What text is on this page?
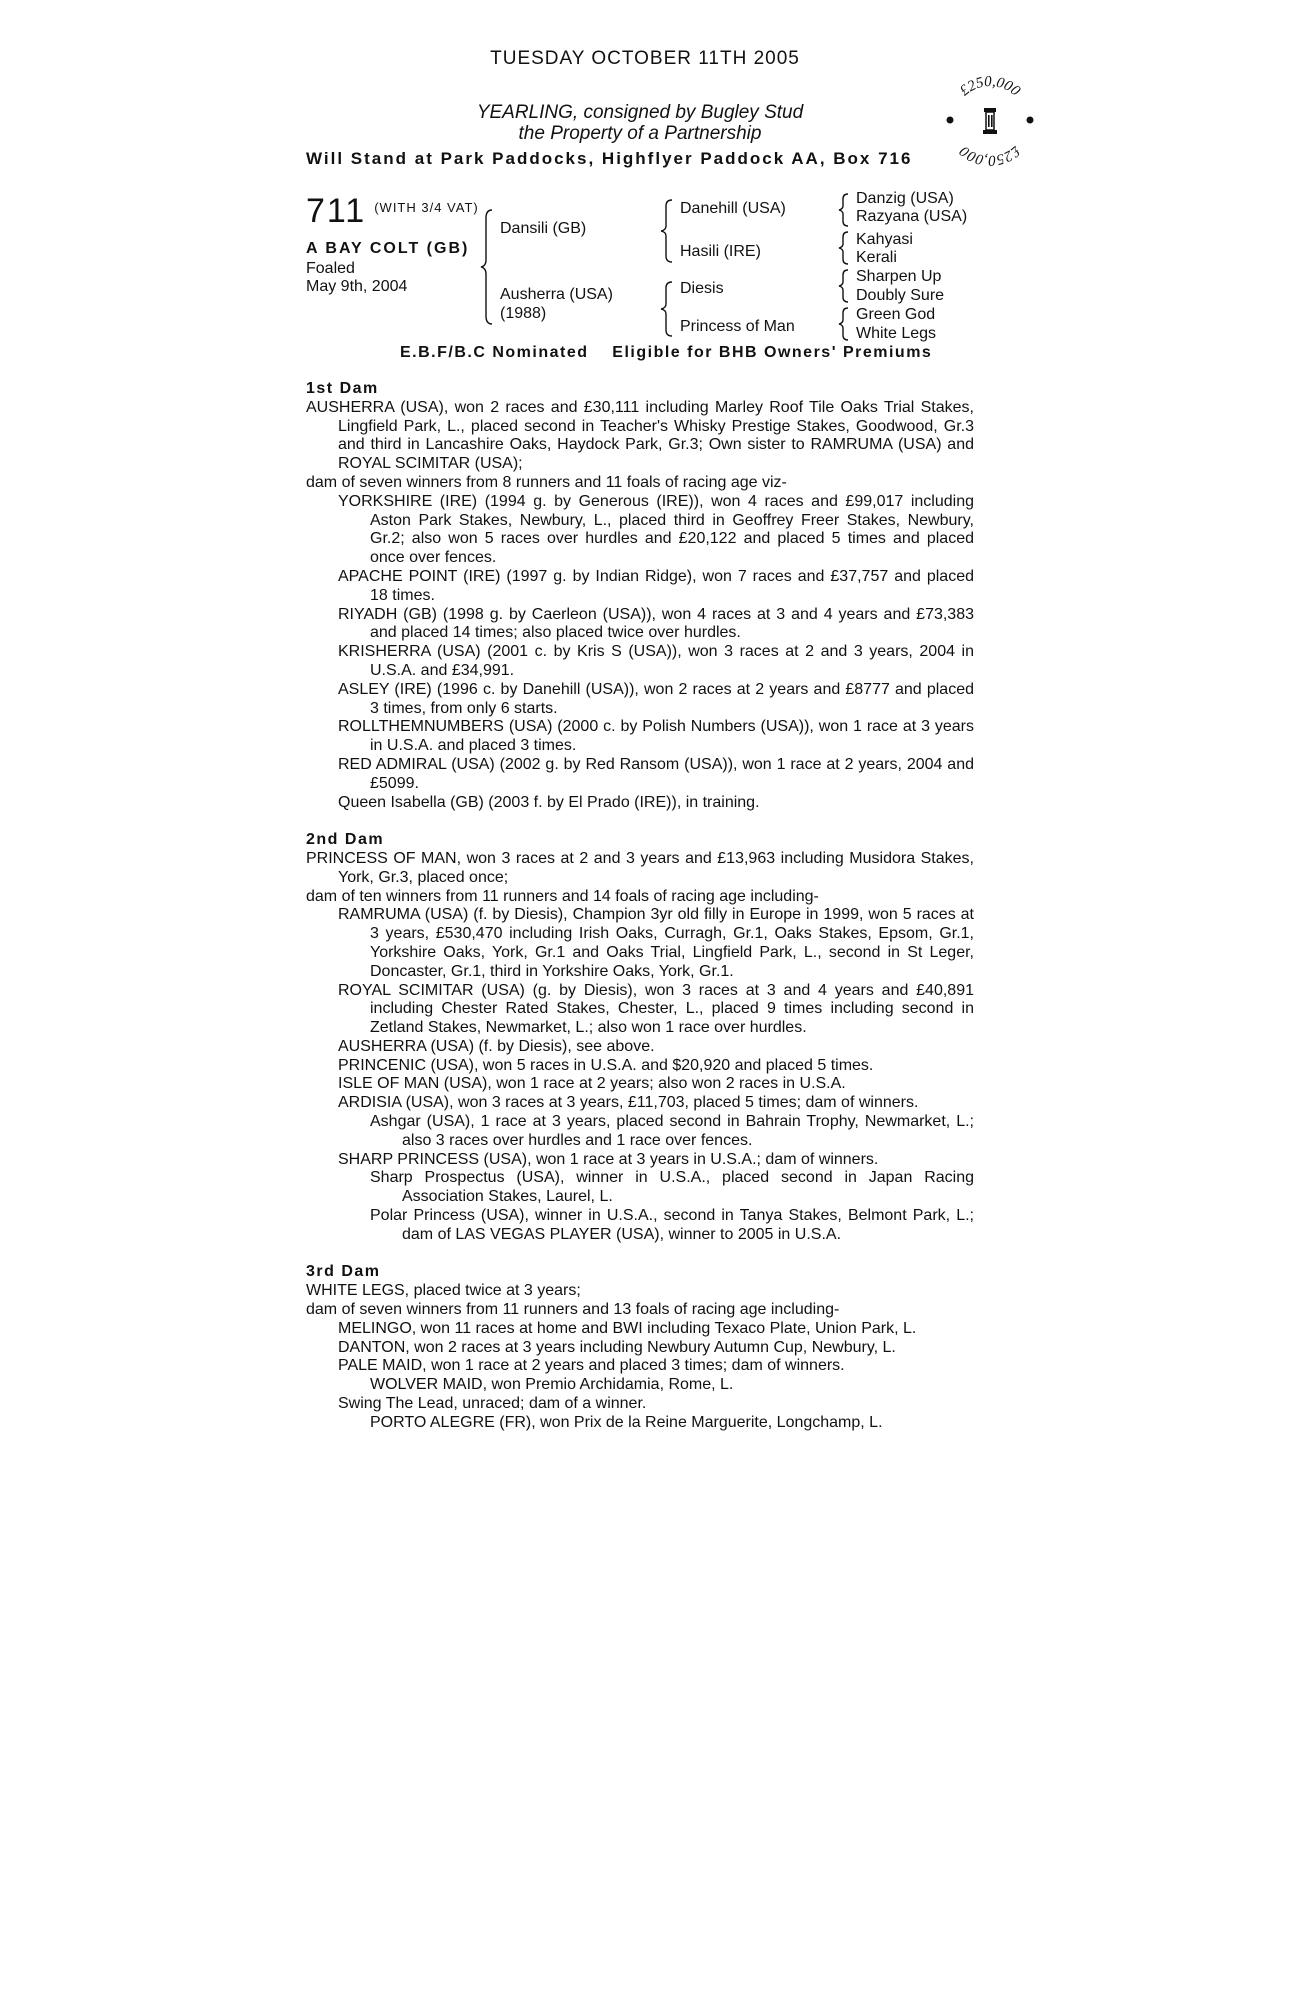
TUESDAY OCTOBER 11TH 2005
YEARLING, consigned by Bugley Stud
the Property of a Partnership
Will Stand at Park Paddocks, Highflyer Paddock AA, Box 716
£250,000
£250,000
711 $^{(WITH 3/4 VAT)}$
A BAY COLT (GB)
Foaled
May 9th, 2004
Dansili (GB)
Ausherra (USA)
(1988)
Danehill (USA)
Hasili (IRE)
Diesis
Princess of Man
Danzig (USA)
Razyana (USA)
Kahyasi
Kerali
Sharpen Up
Doubly Sure
Green God
White Legs
E.B.F/B.C Nominated    Eligible for BHB Owners' Premiums
1st Dam
AUSHERRA (USA), won 2 races and £30,111 including Marley Roof Tile Oaks Trial Stakes, Lingfield Park, L., placed second in Teacher's Whisky Prestige Stakes, Goodwood, Gr.3 and third in Lancashire Oaks, Haydock Park, Gr.3; Own sister to RAMRUMA (USA) and ROYAL SCIMITAR (USA);
dam of seven winners from 8 runners and 11 foals of racing age viz-
YORKSHIRE (IRE) (1994 g. by Generous (IRE)), won 4 races and £99,017 including Aston Park Stakes, Newbury, L., placed third in Geoffrey Freer Stakes, Newbury, Gr.2; also won 5 races over hurdles and £20,122 and placed 5 times and placed once over fences.
APACHE POINT (IRE) (1997 g. by Indian Ridge), won 7 races and £37,757 and placed 18 times.
RIYADH (GB) (1998 g. by Caerleon (USA)), won 4 races at 3 and 4 years and £73,383 and placed 14 times; also placed twice over hurdles.
KRISHERRA (USA) (2001 c. by Kris S (USA)), won 3 races at 2 and 3 years, 2004 in U.S.A. and £34,991.
ASLEY (IRE) (1996 c. by Danehill (USA)), won 2 races at 2 years and £8777 and placed 3 times, from only 6 starts.
ROLLTHEMNUMBERS (USA) (2000 c. by Polish Numbers (USA)), won 1 race at 3 years in U.S.A. and placed 3 times.
RED ADMIRAL (USA) (2002 g. by Red Ransom (USA)), won 1 race at 2 years, 2004 and £5099.
Queen Isabella (GB) (2003 f. by El Prado (IRE)), in training.
2nd Dam
PRINCESS OF MAN, won 3 races at 2 and 3 years and £13,963 including Musidora Stakes, York, Gr.3, placed once;
dam of ten winners from 11 runners and 14 foals of racing age including-
RAMRUMA (USA) (f. by Diesis), Champion 3yr old filly in Europe in 1999, won 5 races at 3 years, £530,470 including Irish Oaks, Curragh, Gr.1, Oaks Stakes, Epsom, Gr.1, Yorkshire Oaks, York, Gr.1 and Oaks Trial, Lingfield Park, L., second in St Leger, Doncaster, Gr.1, third in Yorkshire Oaks, York, Gr.1.
ROYAL SCIMITAR (USA) (g. by Diesis), won 3 races at 3 and 4 years and £40,891 including Chester Rated Stakes, Chester, L., placed 9 times including second in Zetland Stakes, Newmarket, L.; also won 1 race over hurdles.
AUSHERRA (USA) (f. by Diesis), see above.
PRINCENIC (USA), won 5 races in U.S.A. and $20,920 and placed 5 times.
ISLE OF MAN (USA), won 1 race at 2 years; also won 2 races in U.S.A.
ARDISIA (USA), won 3 races at 3 years, £11,703, placed 5 times; dam of winners.
Ashgar (USA), 1 race at 3 years, placed second in Bahrain Trophy, Newmarket, L.; also 3 races over hurdles and 1 race over fences.
SHARP PRINCESS (USA), won 1 race at 3 years in U.S.A.; dam of winners.
Sharp Prospectus (USA), winner in U.S.A., placed second in Japan Racing Association Stakes, Laurel, L.
Polar Princess (USA), winner in U.S.A., second in Tanya Stakes, Belmont Park, L.; dam of LAS VEGAS PLAYER (USA), winner to 2005 in U.S.A.
3rd Dam
WHITE LEGS, placed twice at 3 years;
dam of seven winners from 11 runners and 13 foals of racing age including-
MELINGO, won 11 races at home and BWI including Texaco Plate, Union Park, L.
DANTON, won 2 races at 3 years including Newbury Autumn Cup, Newbury, L.
PALE MAID, won 1 race at 2 years and placed 3 times; dam of winners.
WOLVER MAID, won Premio Archidamia, Rome, L.
Swing The Lead, unraced; dam of a winner.
PORTO ALEGRE (FR), won Prix de la Reine Marguerite, Longchamp, L.
